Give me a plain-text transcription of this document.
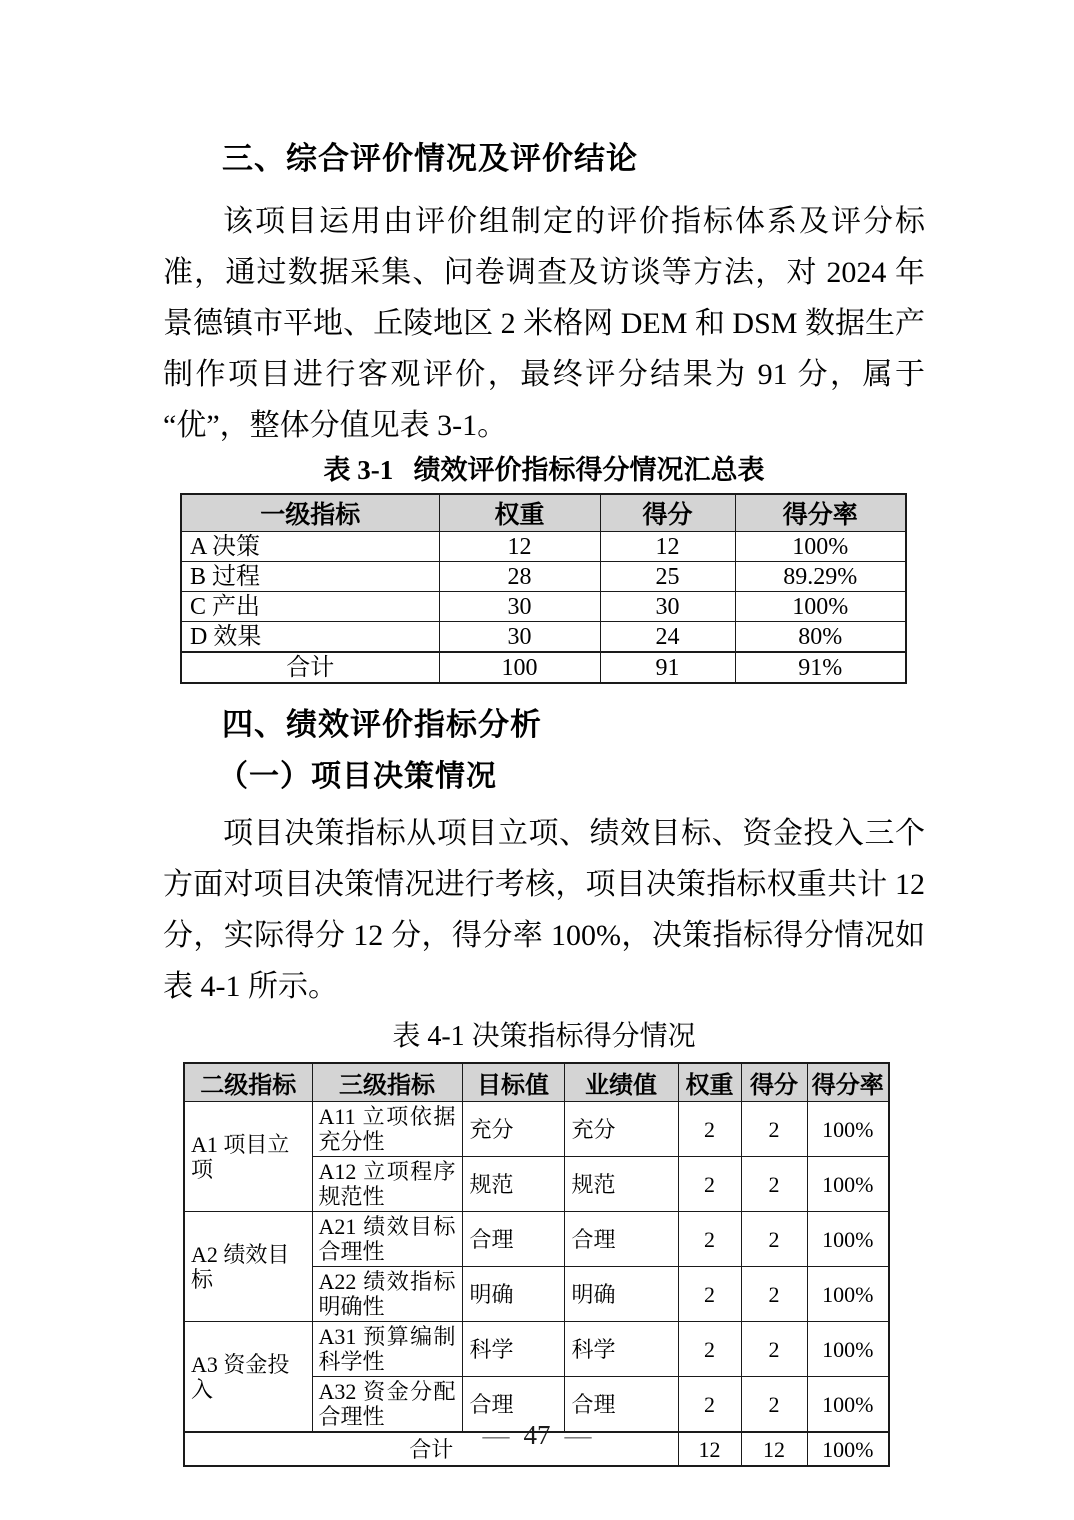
三、综合评价情况及评价结论

该项目运用由评价组制定的评价指标体系及评分标准，通过数据采集、问卷调查及访谈等方法，对 2024 年景德镇市平地、丘陵地区 2 米格网 DEM 和 DSM 数据生产制作项目进行客观评价，最终评分结果为 91 分，属于“优”，整体分值见表 3-1。

表 3-1   绩效评价指标得分情况汇总表
一级指标	权重	得分	得分率
A 决策	12	12	100%
B 过程	28	25	89.29%
C 产出	30	30	100%
D 效果	30	24	80%
合计	100	91	91%
四、绩效评价指标分析
（一）项目决策情况

项目决策指标从项目立项、绩效目标、资金投入三个方面对项目决策情况进行考核，项目决策指标权重共计 12 分，实际得分 12 分，得分率 100%，决策指标得分情况如表 4-1 所示。

表 4-1 决策指标得分情况
二级指标	三级指标	目标值	业绩值	权重	得分	得分率
A1 项目立项	A11 立项依据充分性	充分	充分	2	2	100%
	A12 立项程序规范性	规范	规范	2	2	100%
A2 绩效目标	A21 绩效目标合理性	合理	合理	2	2	100%
	A22 绩效指标明确性	明确	明确	2	2	100%
A3 资金投入	A31 预算编制科学性	科学	科学	2	2	100%
	A32 资金分配合理性	合理	合理	2	2	100%
合计				12	12	100%
— 47 —
